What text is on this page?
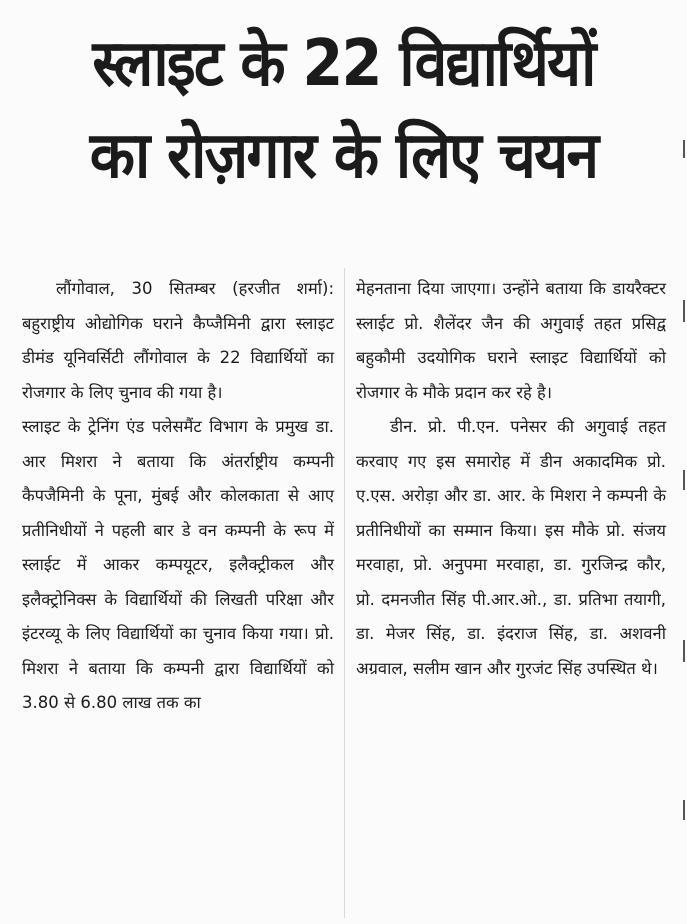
स्लाइट के 22 विद्यार्थियों
का रोज़गार के लिए चयन

लौंगोवाल, 30 सितम्बर (हरजीत शर्मा): बहुराष्ट्रीय ओद्योगिक घराने कैप्जैमिनी द्वारा स्लाइट डीमंड यूनिवर्सिटी लौंगोवाल के 22 विद्यार्थियों का रोजगार के लिए चुनाव की गया है।

स्लाइट के ट्रेनिंग एंड पलेसमैंट विभाग के प्रमुख डा. आर मिशरा ने बताया कि अंतर्राष्ट्रीय कम्पनी कैपजैमिनी के पूना, मुंबई और कोलकाता से आए प्रतीनिधीयों ने पहली बार डे वन कम्पनी के रूप में स्लाईट में आकर कम्पयूटर, इलैक्ट्रीकल और इलैक्ट्रोनिक्स के विद्यार्थियों की लिखती परिक्षा और इंटरव्यू के लिए विद्यार्थियों का चुनाव किया गया। प्रो. मिशरा ने बताया कि कम्पनी द्वारा विद्यार्थियों को 3.80 से 6.80 लाख तक का

मेहनताना दिया जाएगा। उन्होंने बताया कि डायरैक्टर स्लाईट प्रो. शैलेंदर जैन की अगुवाई तहत प्रसिद्व बहुकौमी उदयोगिक घराने स्लाइट विद्यार्थियों को रोजगार के मौके प्रदान कर रहे है।

डीन. प्रो. पी.एन. पनेसर की अगुवाई तहत करवाए गए इस समारोह में डीन अकादमिक प्रो. ए.एस. अरोड़ा और डा. आर. के मिशरा ने कम्पनी के प्रतीनिधीयों का सम्मान किया। इस मौके प्रो. संजय मरवाहा, प्रो. अनुपमा मरवाहा, डा. गुरजिन्द्र कौर, प्रो. दमनजीत सिंह पी.आर.ओ., डा. प्रतिभा तयागी, डा. मेजर सिंह, डा. इंदराज सिंह, डा. अशवनी अग्रवाल, सलीम खान और गुरजंट सिंह उपस्थित थे।
